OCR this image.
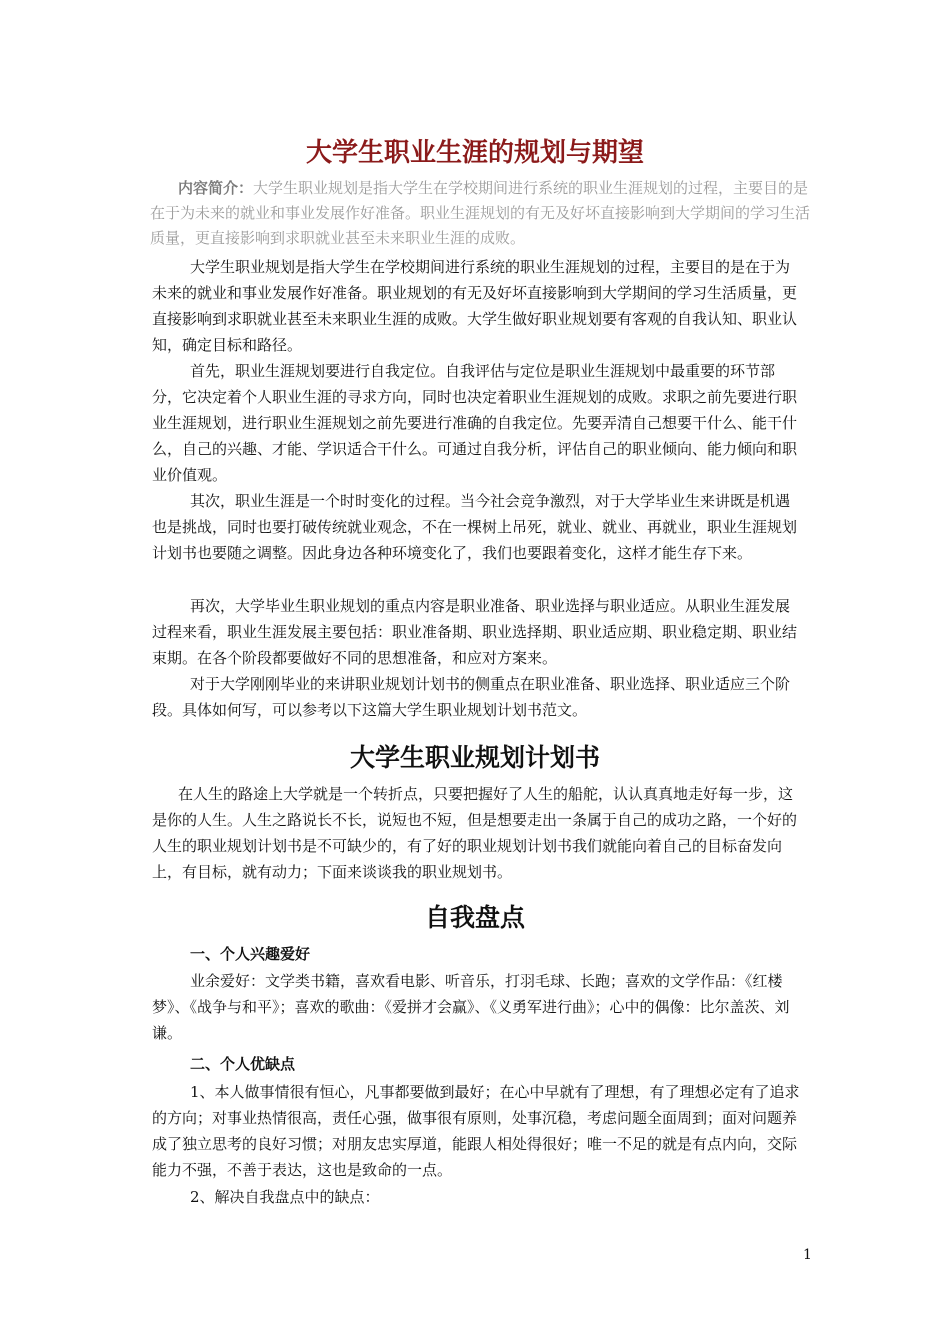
大学生职业生涯的规划与期望
内容简介：大学生职业规划是指大学生在学校期间进行系统的职业生涯规划的过程，主要目的是在于为未来的就业和事业发展作好准备。职业生涯规划的有无及好坏直接影响到大学期间的学习生活质量，更直接影响到求职就业甚至未来职业生涯的成败。

大学生职业规划是指大学生在学校期间进行系统的职业生涯规划的过程，主要目的是在于为未来的就业和事业发展作好准备。职业规划的有无及好坏直接影响到大学期间的学习生活质量，更直接影响到求职就业甚至未来职业生涯的成败。大学生做好职业规划要有客观的自我认知、职业认知，确定目标和路径。

首先，职业生涯规划要进行自我定位。自我评估与定位是职业生涯规划中最重要的环节部分，它决定着个人职业生涯的寻求方向，同时也决定着职业生涯规划的成败。求职之前先要进行职业生涯规划，进行职业生涯规划之前先要进行准确的自我定位。先要弄清自己想要干什么、能干什么，自己的兴趣、才能、学识适合干什么。可通过自我分析，评估自己的职业倾向、能力倾向和职业价值观。

其次，职业生涯是一个时时变化的过程。当今社会竞争激烈，对于大学毕业生来讲既是机遇也是挑战，同时也要打破传统就业观念，不在一棵树上吊死，就业、就业、再就业，职业生涯规划计划书也要随之调整。因此身边各种环境变化了，我们也要跟着变化，这样才能生存下来。

再次，大学毕业生职业规划的重点内容是职业准备、职业选择与职业适应。从职业生涯发展过程来看，职业生涯发展主要包括：职业准备期、职业选择期、职业适应期、职业稳定期、职业结束期。在各个阶段都要做好不同的思想准备，和应对方案来。

对于大学刚刚毕业的来讲职业规划计划书的侧重点在职业准备、职业选择、职业适应三个阶段。具体如何写，可以参考以下这篇大学生职业规划计划书范文。

大学生职业规划计划书

在人生的路途上大学就是一个转折点，只要把握好了人生的船舵，认认真真地走好每一步，这是你的人生。人生之路说长不长，说短也不短，但是想要走出一条属于自己的成功之路，一个好的人生的职业规划计划书是不可缺少的，有了好的职业规划计划书我们就能向着自己的目标奋发向上，有目标，就有动力；下面来谈谈我的职业规划书。

自我盘点
一、个人兴趣爱好

业余爱好：文学类书籍，喜欢看电影、听音乐，打羽毛球、长跑；喜欢的文学作品：《红楼梦》、《战争与和平》；喜欢的歌曲：《爱拼才会赢》、《义勇军进行曲》；心中的偶像：比尔盖茨、刘谦。

二、个人优缺点

1、本人做事情很有恒心，凡事都要做到最好；在心中早就有了理想，有了理想必定有了追求的方向；对事业热情很高，责任心强，做事很有原则，处事沉稳，考虑问题全面周到；面对问题养成了独立思考的良好习惯；对朋友忠实厚道，能跟人相处得很好；唯一不足的就是有点内向，交际能力不强，不善于表达，这也是致命的一点。

2、解决自我盘点中的缺点：

1
